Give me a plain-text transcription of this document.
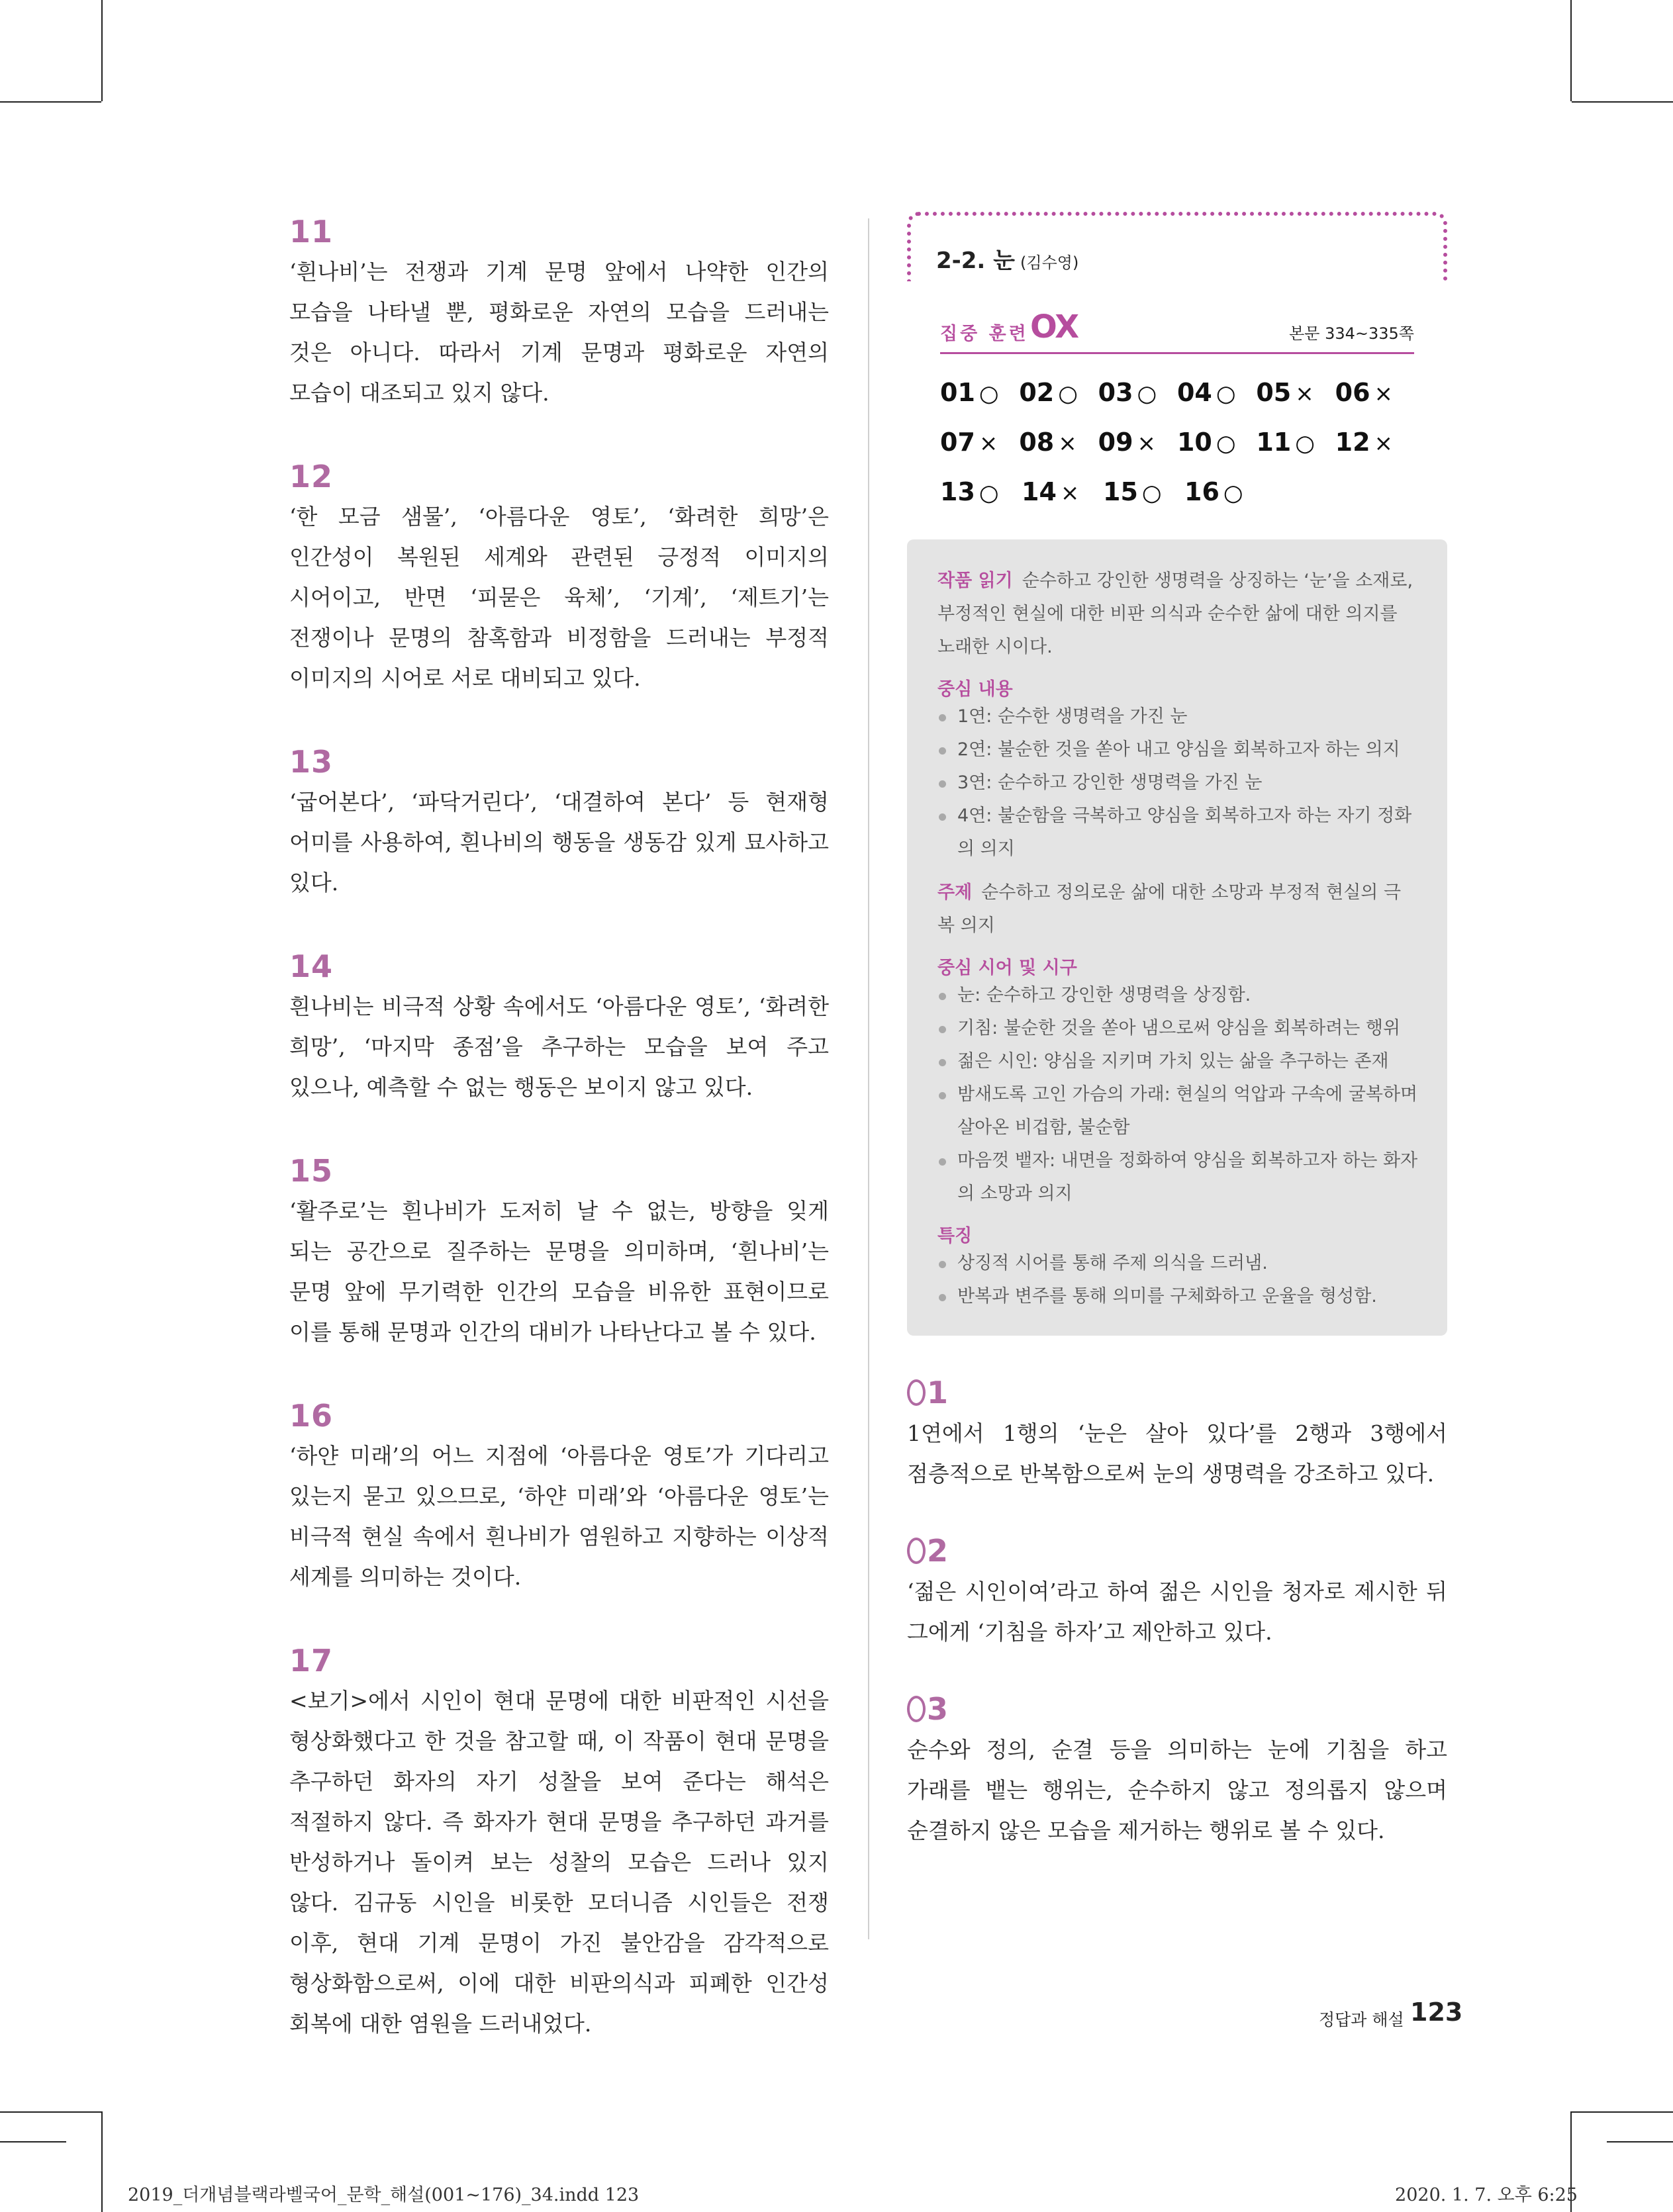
11
‘흰나비’는 전쟁과 기계 문명 앞에서 나약한 인간의 모습을 나타낼 뿐, 평화로운 자연의 모습을 드러내는 것은 아니다. 따라서 기계 문명과 평화로운 자연의 모습이 대조되고 있지 않다.
12
‘한 모금 샘물’, ‘아름다운 영토’, ‘화려한 희망’은 인간성이 복원된 세계와 관련된 긍정적 이미지의 시어이고, 반면 ‘피묻은 육체’, ‘기계’, ‘제트기’는 전쟁이나 문명의 참혹함과 비정함을 드러내는 부정적 이미지의 시어로 서로 대비되고 있다.
13
‘굽어본다’, ‘파닥거린다’, ‘대결하여 본다’ 등 현재형 어미를 사용하여, 흰나비의 행동을 생동감 있게 묘사하고 있다.
14
흰나비는 비극적 상황 속에서도 ‘아름다운 영토’, ‘화려한 희망’, ‘마지막 종점’을 추구하는 모습을 보여 주고 있으나, 예측할 수 없는 행동은 보이지 않고 있다.
15
‘활주로’는 흰나비가 도저히 날 수 없는, 방향을 잊게 되는 공간으로 질주하는 문명을 의미하며, ‘흰나비’는 문명 앞에 무기력한 인간의 모습을 비유한 표현이므로 이를 통해 문명과 인간의 대비가 나타난다고 볼 수 있다.
16
‘하얀 미래’의 어느 지점에 ‘아름다운 영토’가 기다리고 있는지 묻고 있으므로, ‘하얀 미래’와 ‘아름다운 영토’는 비극적 현실 속에서 흰나비가 염원하고 지향하는 이상적 세계를 의미하는 것이다.
17
<보기>에서 시인이 현대 문명에 대한 비판적인 시선을 형상화했다고 한 것을 참고할 때, 이 작품이 현대 문명을 추구하던 화자의 자기 성찰을 보여 준다는 해석은 적절하지 않다. 즉 화자가 현대 문명을 추구하던 과거를 반성하거나 돌이켜 보는 성찰의 모습은 드러나 있지 않다. 김규동 시인을 비롯한 모더니즘 시인들은 전쟁 이후, 현대 기계 문명이 가진 불안감을 감각적으로 형상화함으로써, 이에 대한 비판의식과 피폐한 인간성 회복에 대한 염원을 드러내었다.
2-2. 눈 (김수영)
집중 훈련 OX	본문 334~335쪽
01 ○ 02 ○ 03 ○ 04 ○ 05 × 06 ×
07 × 08 × 09 × 10 ○ 11 ○ 12 ×
13 ○ 14 × 15 ○ 16 ○
작품 읽기 순수하고 강인한 생명력을 상징하는 ‘눈’을 소재로, 부정적인 현실에 대한 비판 의식과 순수한 삶에 대한 의지를 노래한 시이다.
중심 내용
1연: 순수한 생명력을 가진 눈
2연: 불순한 것을 쏟아 내고 양심을 회복하고자 하는 의지
3연: 순수하고 강인한 생명력을 가진 눈
4연: 불순함을 극복하고 양심을 회복하고자 하는 자기 정화의 의지
주제 순수하고 정의로운 삶에 대한 소망과 부정적 현실의 극복 의지
중심 시어 및 시구
눈: 순수하고 강인한 생명력을 상징함.
기침: 불순한 것을 쏟아 냄으로써 양심을 회복하려는 행위
젊은 시인: 양심을 지키며 가치 있는 삶을 추구하는 존재
밤새도록 고인 가슴의 가래: 현실의 억압과 구속에 굴복하며 살아온 비겁함, 불순함
마음껏 뱉자: 내면을 정화하여 양심을 회복하고자 하는 화자의 소망과 의지
특징
상징적 시어를 통해 주제 의식을 드러냄.
반복과 변주를 통해 의미를 구체화하고 운율을 형성함.
1
1연에서 1행의 ‘눈은 살아 있다’를 2행과 3행에서 점층적으로 반복함으로써 눈의 생명력을 강조하고 있다.
2
‘젊은 시인이여’라고 하여 젊은 시인을 청자로 제시한 뒤 그에게 ‘기침을 하자’고 제안하고 있다.
3
순수와 정의, 순결 등을 의미하는 눈에 기침을 하고 가래를 뱉는 행위는, 순수하지 않고 정의롭지 않으며 순결하지 않은 모습을 제거하는 행위로 볼 수 있다.
정답과 해설 123
2019_더개념블랙라벨국어_문학_해설(001~176)_34.indd 123	2020. 1. 7. 오후 6:25
